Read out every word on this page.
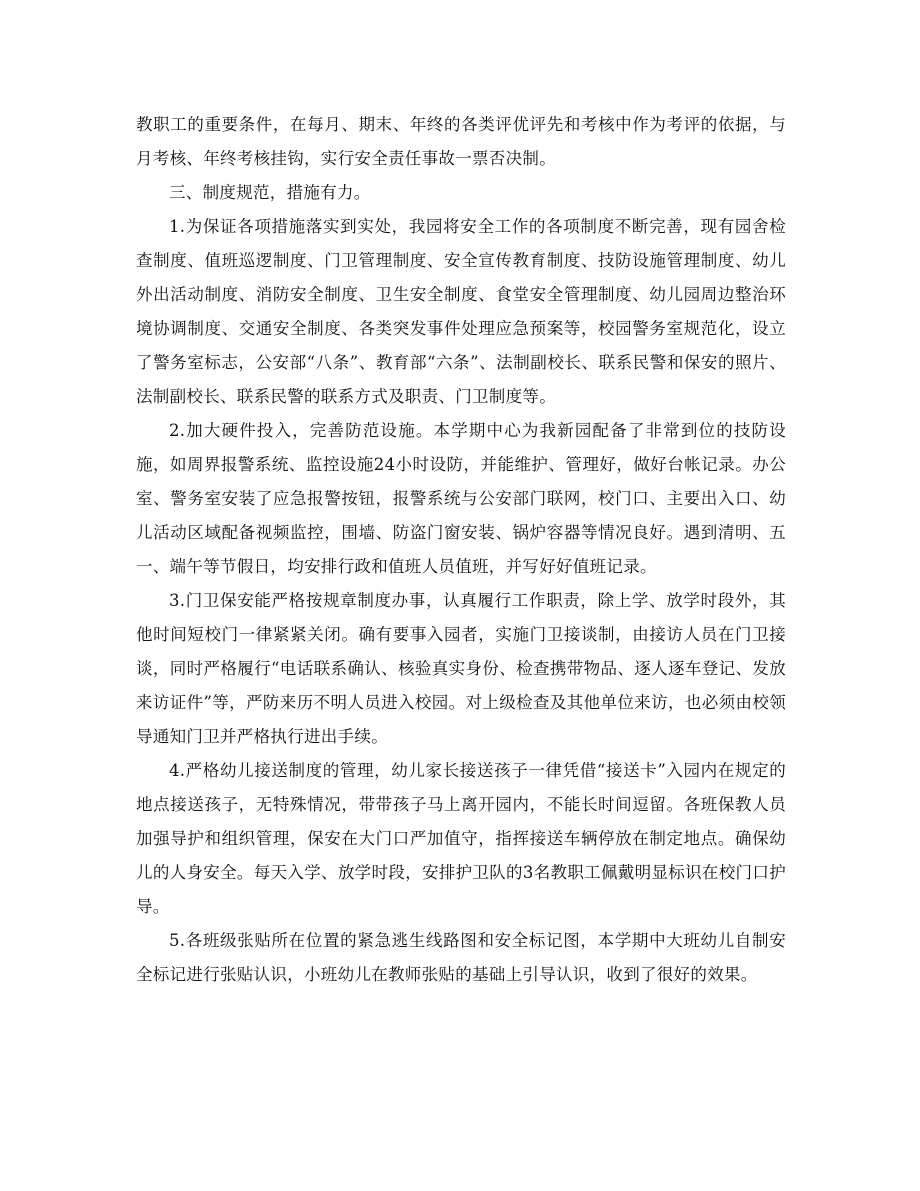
教职工的重要条件，在每月、期末、年终的各类评优评先和考核中作为考评的依据，与月考核、年终考核挂钩，实行安全责任事故一票否决制。

三、制度规范，措施有力。

1.为保证各项措施落实到实处，我园将安全工作的各项制度不断完善，现有园舍检查制度、值班巡逻制度、门卫管理制度、安全宣传教育制度、技防设施管理制度、幼儿外出活动制度、消防安全制度、卫生安全制度、食堂安全管理制度、幼儿园周边整治环境协调制度、交通安全制度、各类突发事件处理应急预案等，校园警务室规范化，设立了警务室标志，公安部“八条”、教育部“六条”、法制副校长、联系民警和保安的照片、法制副校长、联系民警的联系方式及职责、门卫制度等。

2.加大硬件投入，完善防范设施。本学期中心为我新园配备了非常到位的技防设施，如周界报警系统、监控设施24小时设防，并能维护、管理好，做好台帐记录。办公室、警务室安装了应急报警按钮，报警系统与公安部门联网，校门口、主要出入口、幼儿活动区域配备视频监控，围墙、防盗门窗安装、锅炉容器等情况良好。遇到清明、五一、端午等节假日，均安排行政和值班人员值班，并写好好值班记录。

3.门卫保安能严格按规章制度办事，认真履行工作职责，除上学、放学时段外，其他时间短校门一律紧紧关闭。确有要事入园者，实施门卫接谈制，由接访人员在门卫接谈，同时严格履行“电话联系确认、核验真实身份、检查携带物品、逐人逐车登记、发放来访证件”等，严防来历不明人员进入校园。对上级检查及其他单位来访，也必须由校领导通知门卫并严格执行进出手续。

4.严格幼儿接送制度的管理，幼儿家长接送孩子一律凭借“接送卡”入园内在规定的地点接送孩子，无特殊情况，带带孩子马上离开园内，不能长时间逗留。各班保教人员加强导护和组织管理，保安在大门口严加值守，指挥接送车辆停放在制定地点。确保幼儿的人身安全。每天入学、放学时段，安排护卫队的3名教职工佩戴明显标识在校门口护导。

5.各班级张贴所在位置的紧急逃生线路图和安全标记图，本学期中大班幼儿自制安全标记进行张贴认识，小班幼儿在教师张贴的基础上引导认识，收到了很好的效果。
